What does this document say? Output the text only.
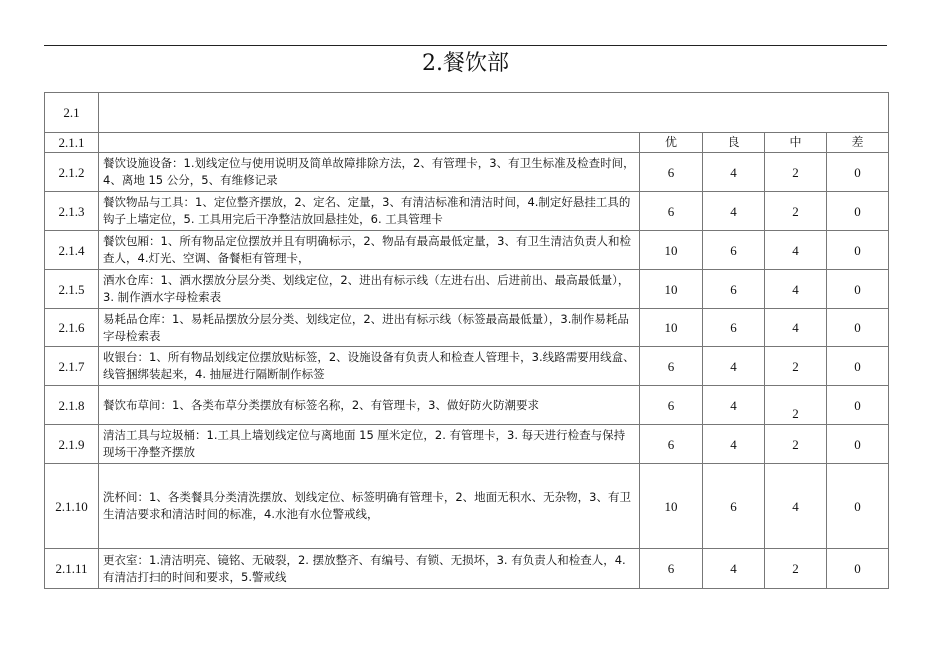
2.餐饮部
2.1					
2.1.1		优	良	中	差
2.1.2	餐饮设施设备：1.划线定位与使用说明及简单故障排除方法，2、有管理卡，3、有卫生标准及检查时间，4、离地 15 公分，5、有维修记录	6	4	2	0
2.1.3	餐饮物品与工具：1、定位整齐摆放，2、定名、定量，3、有清洁标准和清洁时间，4.制定好悬挂工具的钩子上墙定位，5. 工具用完后干净整洁放回悬挂处，6. 工具管理卡	6	4	2	0
2.1.4	餐饮包厢：1、所有物品定位摆放并且有明确标示，2、物品有最高最低定量，3、有卫生清洁负责人和检查人，4.灯光、空调、备餐柜有管理卡，	10	6	4	0
2.1.5	酒水仓库：1、酒水摆放分层分类、划线定位，2、进出有标示线（左进右出、后进前出、最高最低量），3. 制作酒水字母检索表	10	6	4	0
2.1.6	易耗品仓库：1、易耗品摆放分层分类、划线定位，2、进出有标示线（标签最高最低量），3.制作易耗品字母检索表	10	6	4	0
2.1.7	收银台：1、所有物品划线定位摆放贴标签，2、设施设备有负责人和检查人管理卡，3.线路需要用线盒、线管捆绑装起来，4. 抽屉进行隔断制作标签	6	4	2	0
2.1.8	餐饮布草间：1、各类布草分类摆放有标签名称，2、有管理卡，3、做好防火防潮要求	6	4	2	0
2.1.9	清洁工具与垃圾桶：1.工具上墙划线定位与离地面 15 厘米定位，2. 有管理卡，3. 每天进行检查与保持现场干净整齐摆放	6	4	2	0
2.1.10	洗杯间：1、各类餐具分类清洗摆放、划线定位、标签明确有管理卡，2、地面无积水、无杂物，3、有卫生清洁要求和清洁时间的标准，4.水池有水位警戒线，	10	6	4	0
2.1.11	更衣室：1.清洁明亮、镜铭、无破裂，2. 摆放整齐、有编号、有锁、无损坏，3. 有负责人和检查人，4.有清洁打扫的时间和要求，5.警戒线	6	4	2	0
